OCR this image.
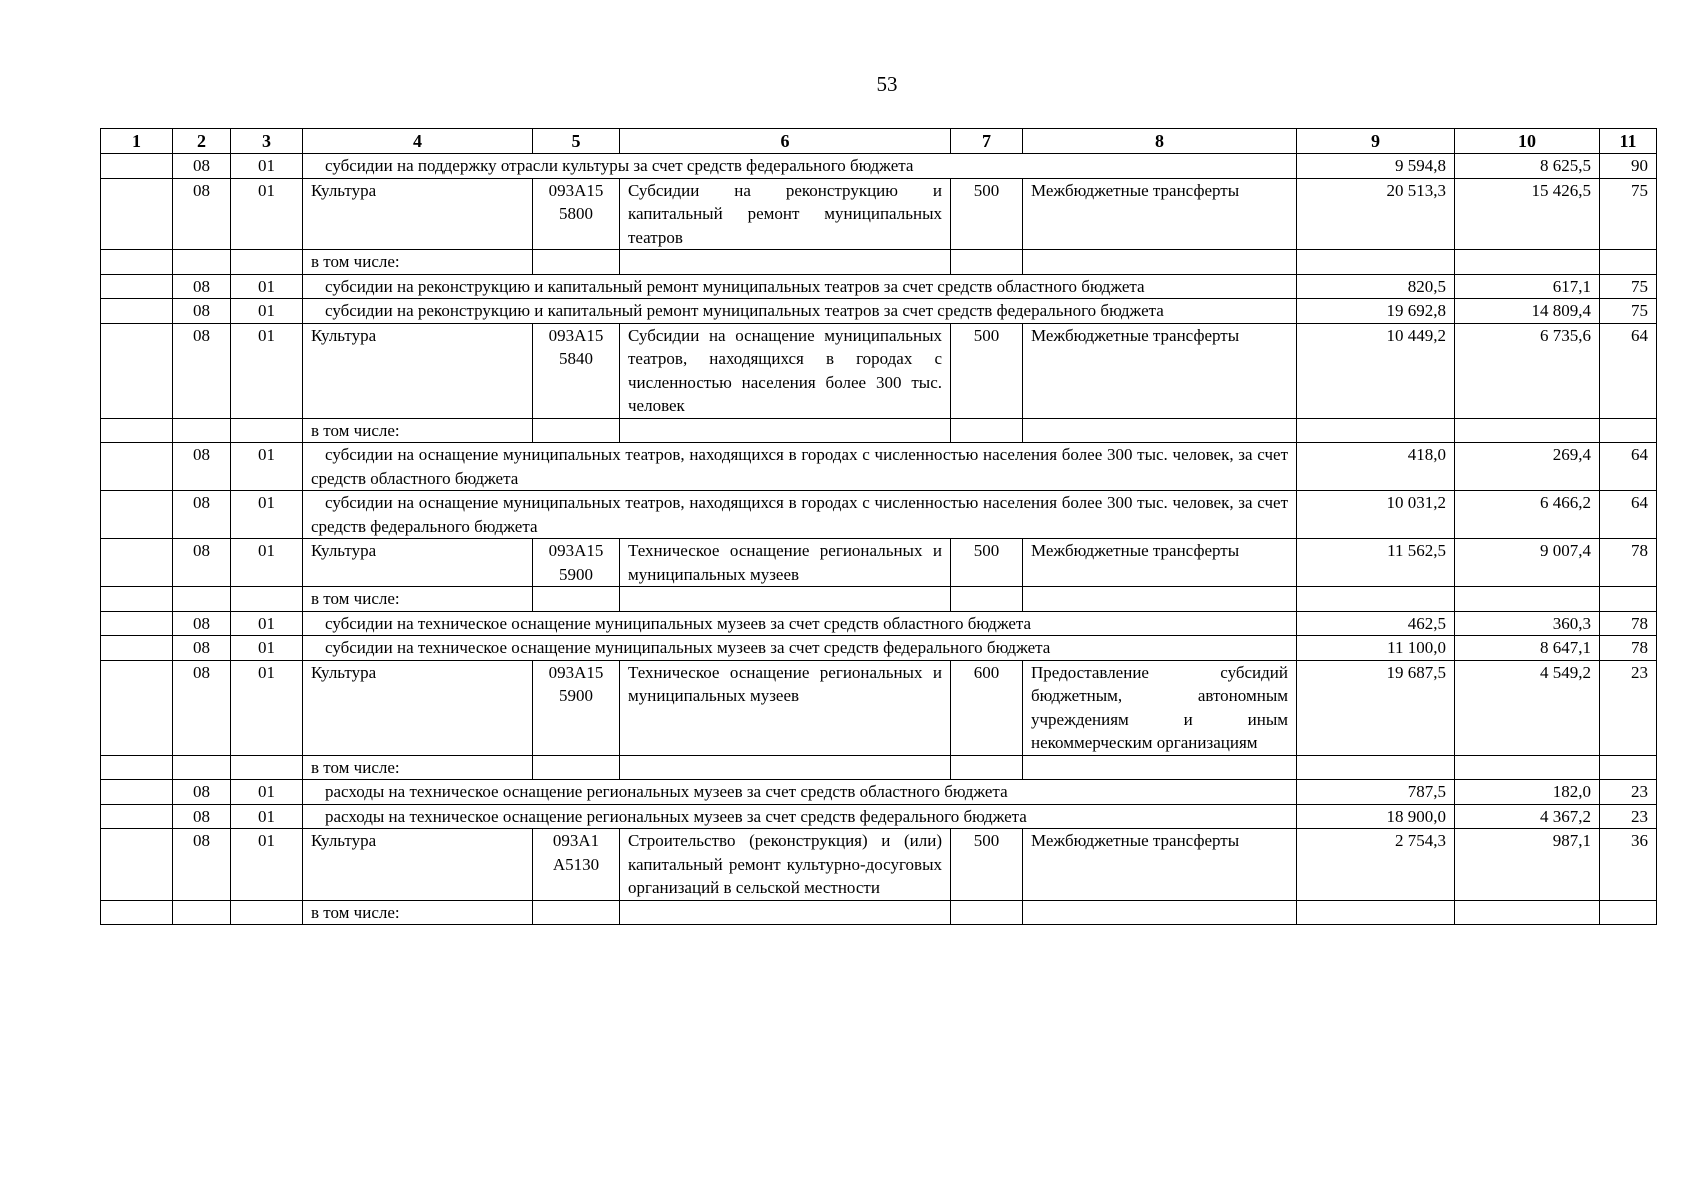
53
1	2	3	4	5	6	7	8	9	10	11
	08	01	субсидии на поддержку отрасли культуры за счет средств федерального бюджета					9 594,8	8 625,5	90
	08	01	Культура	093A15 5800	Субсидии на реконструкцию и капитальный ремонт муниципальных театров	500	Межбюджетные трансферты	20 513,3	15 426,5	75
			в том числе:							
	08	01	субсидии на реконструкцию и капитальный ремонт муниципальных театров за счет средств областного бюджета					820,5	617,1	75
	08	01	субсидии на реконструкцию и капитальный ремонт муниципальных театров за счет средств федерального бюджета					19 692,8	14 809,4	75
	08	01	Культура	093A15 5840	Субсидии на оснащение муниципальных театров, находящихся в городах с численностью населения более 300 тыс. человек	500	Межбюджетные трансферты	10 449,2	6 735,6	64
			в том числе:							
	08	01	субсидии на оснащение муниципальных театров, находящихся в городах с численностью населения более 300 тыс. человек, за счет средств областного бюджета					418,0	269,4	64
	08	01	субсидии на оснащение муниципальных театров, находящихся в городах с численностью населения более 300 тыс. человек, за счет средств федерального бюджета					10 031,2	6 466,2	64
	08	01	Культура	093A15 5900	Техническое оснащение региональных и муниципальных музеев	500	Межбюджетные трансферты	11 562,5	9 007,4	78
			в том числе:							
	08	01	субсидии на техническое оснащение муниципальных музеев за счет средств областного бюджета					462,5	360,3	78
	08	01	субсидии на техническое оснащение муниципальных музеев за счет средств федерального бюджета					11 100,0	8 647,1	78
	08	01	Культура	093A15 5900	Техническое оснащение региональных и муниципальных музеев	600	Предоставление субсидий бюджетным, автономным учреждениям и иным некоммерческим организациям	19 687,5	4 549,2	23
			в том числе:							
	08	01	расходы на техническое оснащение региональных музеев за счет средств областного бюджета					787,5	182,0	23
	08	01	расходы на техническое оснащение региональных музеев за счет средств федерального бюджета					18 900,0	4 367,2	23
	08	01	Культура	093A1 A5130	Строительство (реконструкция) и (или) капитальный ремонт культурно-досуговых организаций в сельской местности	500	Межбюджетные трансферты	2 754,3	987,1	36
			в том числе:							
